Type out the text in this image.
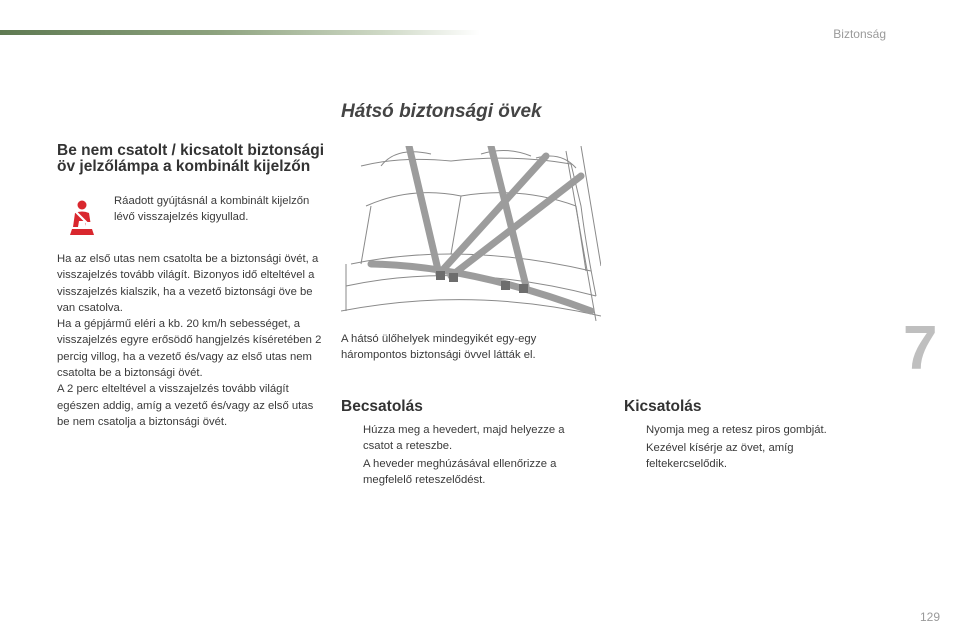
Biztonság
7
129
Hátsó biztonsági övek
Be nem csatolt / kicsatolt biztonsági öv jelzőlámpa a kombinált kijelzőn

Ráadott gyújtásnál a kombinált kijelzőn lévő visszajelzés kigyullad.

Ha az első utas nem csatolta be a biztonsági övét, a visszajelzés tovább világít. Bizonyos idő elteltével a visszajelzés kialszik, ha a vezető biztonsági öve be van csatolva.
Ha a gépjármű eléri a kb. 20 km/h sebességet, a visszajelzés egyre erősödő hangjelzés kíséretében 2 percig villog, ha a vezető és/vagy az első utas nem csatolta be a biztonsági övét.
A 2 perc elteltével a visszajelzés tovább világít egészen addig, amíg a vezető és/vagy az első utas be nem csatolja a biztonsági övét.

A hátsó ülőhelyek mindegyikét egy-egy hárompontos biztonsági övvel látták el.

Becsatolás
Húzza meg a hevedert, majd helyezze a csatot a reteszbe.
A heveder meghúzásával ellenőrizze a megfelelő reteszelődést.
Kicsatolás
Nyomja meg a retesz piros gombját.
Kezével kísérje az övet, amíg feltekercselődik.
